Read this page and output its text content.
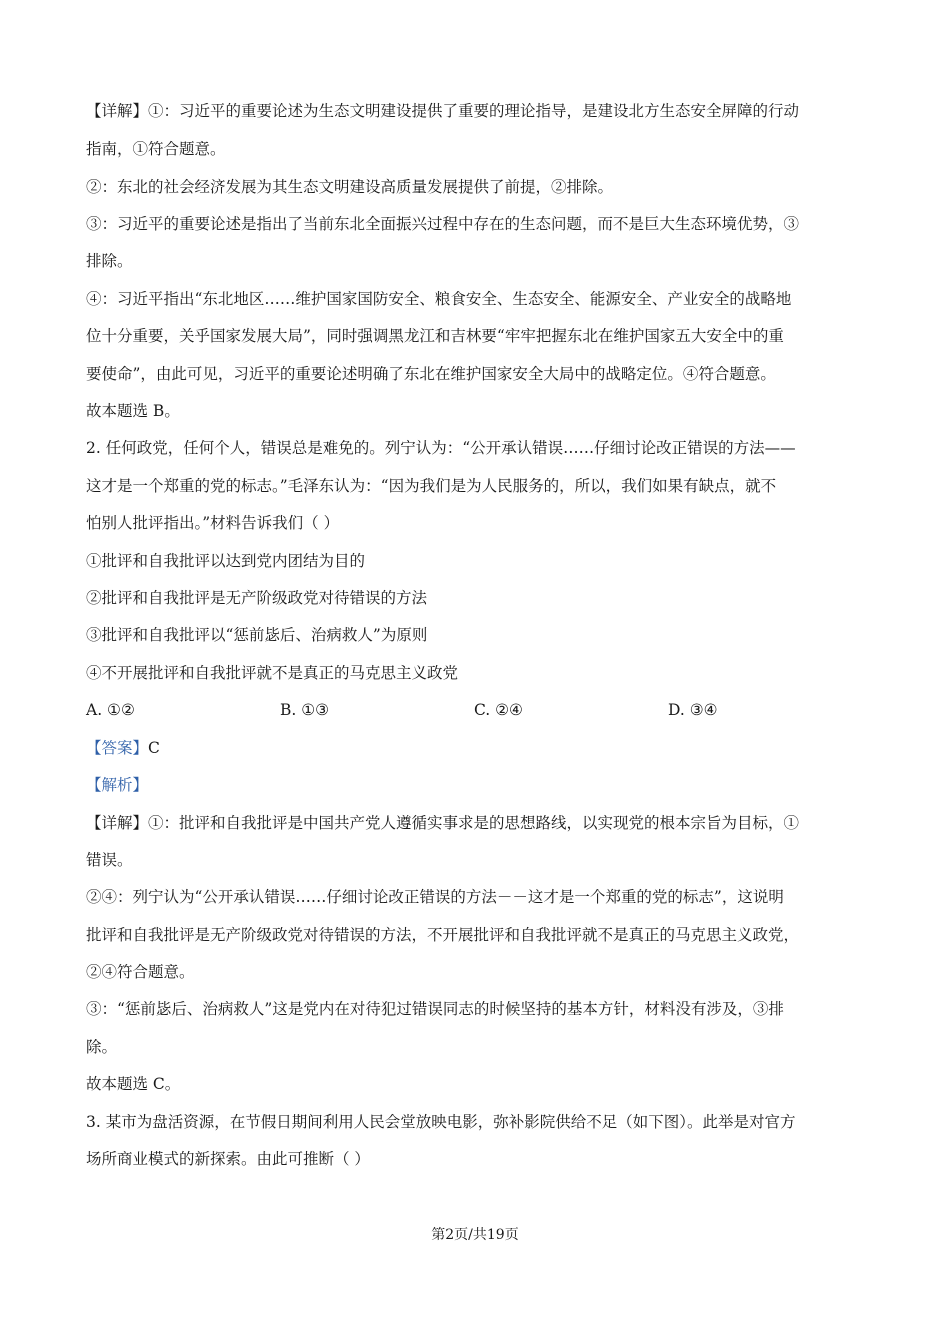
【详解】①：习近平的重要论述为生态文明建设提供了重要的理论指导，是建设北方生态安全屏障的行动
指南，①符合题意。
②：东北的社会经济发展为其生态文明建设高质量发展提供了前提，②排除。
③：习近平的重要论述是指出了当前东北全面振兴过程中存在的生态问题，而不是巨大生态环境优势，③
排除。
④：习近平指出“东北地区……维护国家国防安全、粮食安全、生态安全、能源安全、产业安全的战略地
位十分重要，关乎国家发展大局”，同时强调黑龙江和吉林要“牢牢把握东北在维护国家五大安全中的重
要使命”，由此可见，习近平的重要论述明确了东北在维护国家安全大局中的战略定位。④符合题意。
故本题选 B。
2. 任何政党，任何个人，错误总是难免的。列宁认为：“公开承认错误……仔细讨论改正错误的方法——
这才是一个郑重的党的标志。”毛泽东认为：“因为我们是为人民服务的，所以，我们如果有缺点，就不
怕别人批评指出。”材料告诉我们（ ）
①批评和自我批评以达到党内团结为目的
②批评和自我批评是无产阶级政党对待错误的方法
③批评和自我批评以“惩前毖后、治病救人”为原则
④不开展批评和自我批评就不是真正的马克思主义政党
A. ①②	B. ①③	C. ②④	D. ③④
【答案】C
【解析】
【详解】①：批评和自我批评是中国共产党人遵循实事求是的思想路线，以实现党的根本宗旨为目标，①
错误。
②④：列宁认为“公开承认错误……仔细讨论改正错误的方法－－这才是一个郑重的党的标志”，这说明
批评和自我批评是无产阶级政党对待错误的方法，不开展批评和自我批评就不是真正的马克思主义政党，
②④符合题意。
③：“惩前毖后、治病救人”这是党内在对待犯过错误同志的时候坚持的基本方针，材料没有涉及，③排
除。
故本题选 C。
3. 某市为盘活资源，在节假日期间利用人民会堂放映电影，弥补影院供给不足（如下图）。此举是对官方
场所商业模式的新探索。由此可推断（ ）
第2页/共19页
